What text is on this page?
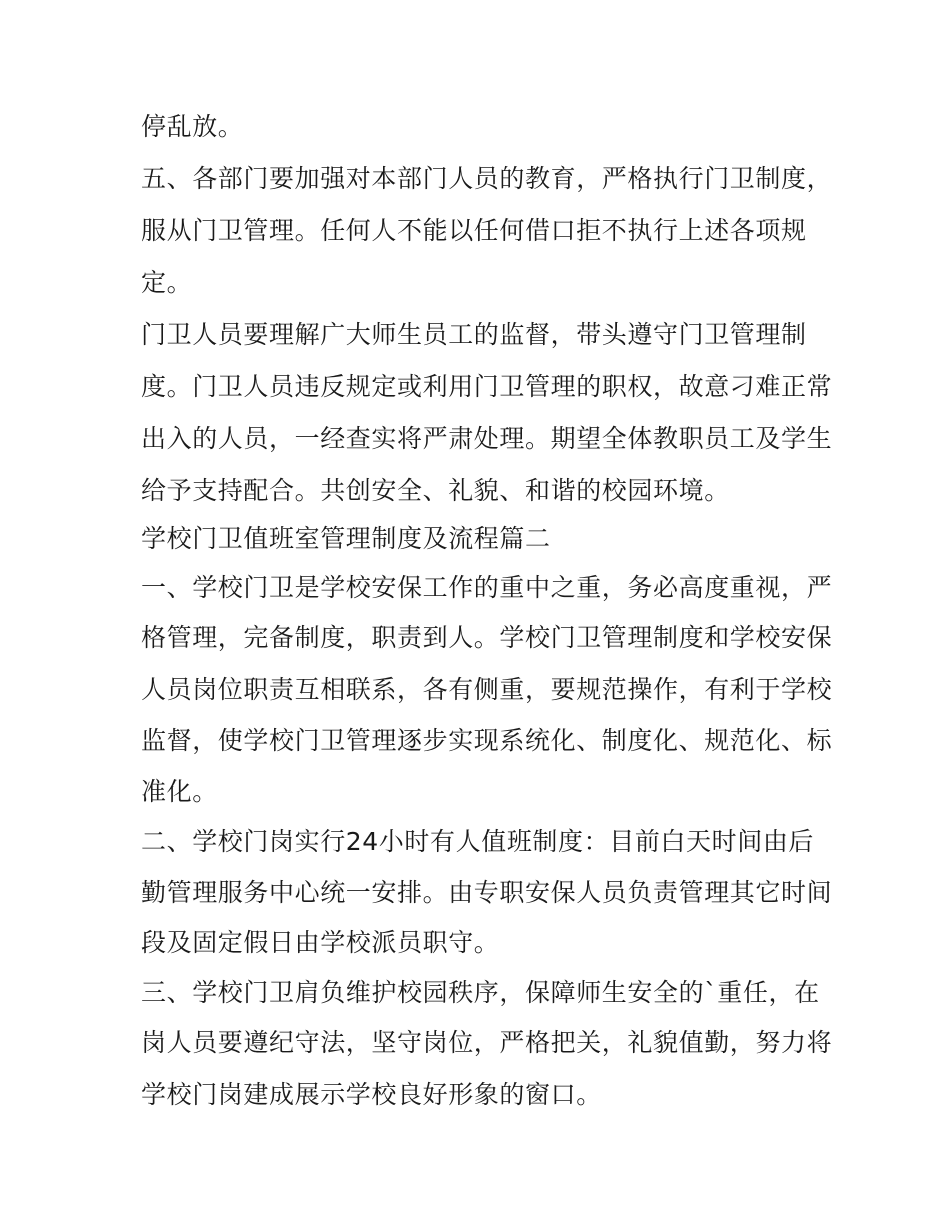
停乱放。

五、各部门要加强对本部门人员的教育，严格执行门卫制度，

服从门卫管理。任何人不能以任何借口拒不执行上述各项规

定。

门卫人员要理解广大师生员工的监督，带头遵守门卫管理制

度。门卫人员违反规定或利用门卫管理的职权，故意刁难正常

出入的人员，一经查实将严肃处理。期望全体教职员工及学生

给予支持配合。共创安全、礼貌、和谐的校园环境。

学校门卫值班室管理制度及流程篇二

一、学校门卫是学校安保工作的重中之重，务必高度重视，严

格管理，完备制度，职责到人。学校门卫管理制度和学校安保

人员岗位职责互相联系，各有侧重，要规范操作，有利于学校

监督，使学校门卫管理逐步实现系统化、制度化、规范化、标

准化。

二、学校门岗实行24小时有人值班制度：目前白天时间由后

勤管理服务中心统一安排。由专职安保人员负责管理其它时间

段及固定假日由学校派员职守。

三、学校门卫肩负维护校园秩序，保障师生安全的`重任，在

岗人员要遵纪守法，坚守岗位，严格把关，礼貌值勤，努力将

学校门岗建成展示学校良好形象的窗口。
